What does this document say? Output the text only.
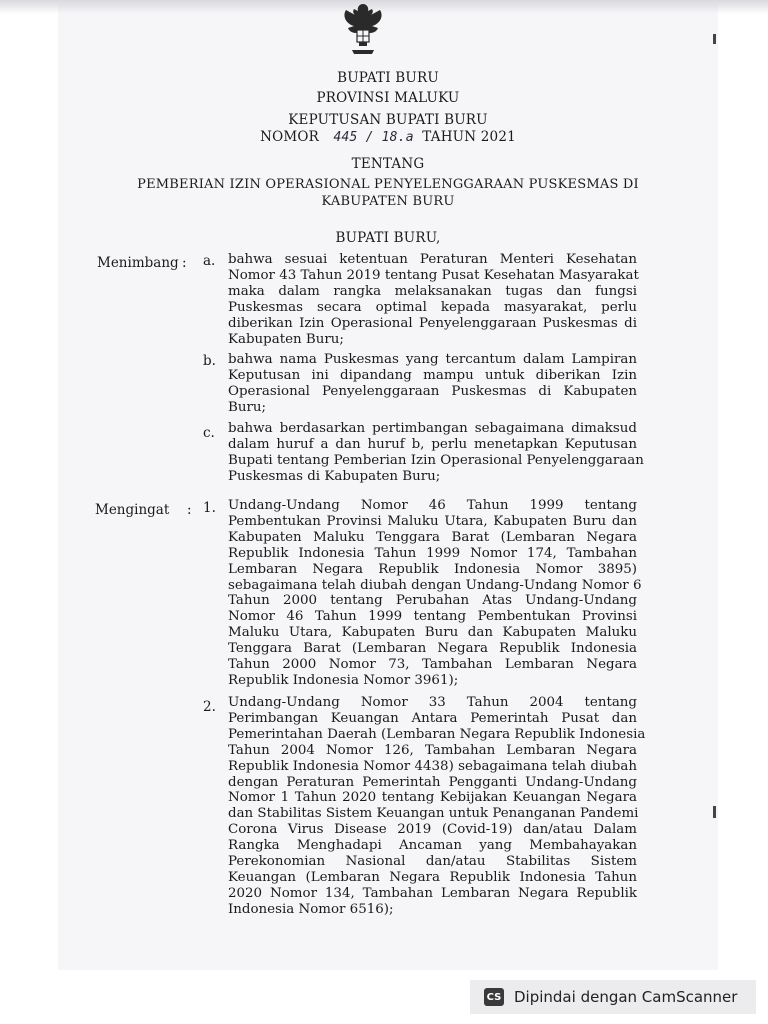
BUPATI BURU
PROVINSI MALUKU
KEPUTUSAN BUPATI BURU
NOMOR 445 / 18.a TAHUN 2021
TENTANG
PEMBERIAN IZIN OPERASIONAL PENYELENGGARAAN PUSKESMAS DI
KABUPATEN BURU
BUPATI BURU,
Menimbang : a. bahwa sesuai ketentuan Peraturan Menteri Kesehatan
Nomor 43 Tahun 2019 tentang Pusat Kesehatan Masyarakat
maka dalam rangka melaksanakan tugas dan fungsi
Puskesmas secara optimal kepada masyarakat, perlu
diberikan Izin Operasional Penyelenggaraan Puskesmas di
Kabupaten Buru;
b. bahwa nama Puskesmas yang tercantum dalam Lampiran
Keputusan ini dipandang mampu untuk diberikan Izin
Operasional Penyelenggaraan Puskesmas di Kabupaten
Buru;
c. bahwa berdasarkan pertimbangan sebagaimana dimaksud
dalam huruf a dan huruf b, perlu menetapkan Keputusan
Bupati tentang Pemberian Izin Operasional Penyelenggaraan
Puskesmas di Kabupaten Buru;
Mengingat : 1. Undang-Undang Nomor 46 Tahun 1999 tentang
Pembentukan Provinsi Maluku Utara, Kabupaten Buru dan
Kabupaten Maluku Tenggara Barat (Lembaran Negara
Republik Indonesia Tahun 1999 Nomor 174, Tambahan
Lembaran Negara Republik Indonesia Nomor 3895)
sebagaimana telah diubah dengan Undang-Undang Nomor 6
Tahun 2000 tentang Perubahan Atas Undang-Undang
Nomor 46 Tahun 1999 tentang Pembentukan Provinsi
Maluku Utara, Kabupaten Buru dan Kabupaten Maluku
Tenggara Barat (Lembaran Negara Republik Indonesia
Tahun 2000 Nomor 73, Tambahan Lembaran Negara
Republik Indonesia Nomor 3961);
2. Undang-Undang Nomor 33 Tahun 2004 tentang
Perimbangan Keuangan Antara Pemerintah Pusat dan
Pemerintahan Daerah (Lembaran Negara Republik Indonesia
Tahun 2004 Nomor 126, Tambahan Lembaran Negara
Republik Indonesia Nomor 4438) sebagaimana telah diubah
dengan Peraturan Pemerintah Pengganti Undang-Undang
Nomor 1 Tahun 2020 tentang Kebijakan Keuangan Negara
dan Stabilitas Sistem Keuangan untuk Penanganan Pandemi
Corona Virus Disease 2019 (Covid-19) dan/atau Dalam
Rangka Menghadapi Ancaman yang Membahayakan
Perekonomian Nasional dan/atau Stabilitas Sistem
Keuangan (Lembaran Negara Republik Indonesia Tahun
2020 Nomor 134, Tambahan Lembaran Negara Republik
Indonesia Nomor 6516);
CS Dipindai dengan CamScanner
